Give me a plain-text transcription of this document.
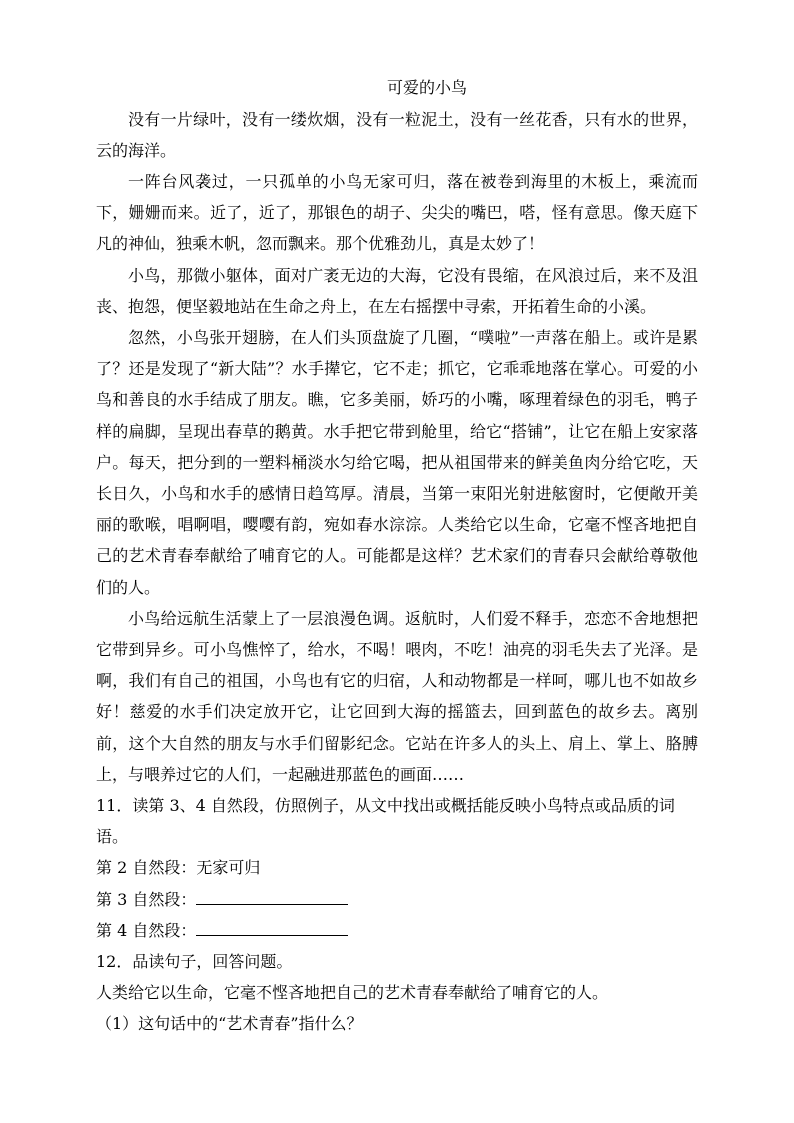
可爱的小鸟

没有一片绿叶，没有一缕炊烟，没有一粒泥土，没有一丝花香，只有水的世界，云的海洋。

一阵台风袭过，一只孤单的小鸟无家可归，落在被卷到海里的木板上，乘流而下，姗姗而来。近了，近了，那银色的胡子、尖尖的嘴巴，嗒，怪有意思。像天庭下凡的神仙，独乘木帆，忽而飘来。那个优雅劲儿，真是太妙了！

小鸟，那微小躯体，面对广袤无边的大海，它没有畏缩，在风浪过后，来不及沮丧、抱怨，便坚毅地站在生命之舟上，在左右摇摆中寻索，开拓着生命的小溪。

忽然，小鸟张开翅膀，在人们头顶盘旋了几圈，“噗啦”一声落在船上。或许是累了？还是发现了“新大陆”？水手撵它，它不走；抓它，它乖乖地落在掌心。可爱的小鸟和善良的水手结成了朋友。瞧，它多美丽，娇巧的小嘴，啄理着绿色的羽毛，鸭子样的扁脚，呈现出春草的鹅黄。水手把它带到舱里，给它“搭铺”，让它在船上安家落户。每天，把分到的一塑料桶淡水匀给它喝，把从祖国带来的鲜美鱼肉分给它吃，天长日久，小鸟和水手的感情日趋笃厚。清晨，当第一束阳光射进舷窗时，它便敞开美丽的歌喉，唱啊唱，嘤嘤有韵，宛如春水淙淙。人类给它以生命，它毫不悭吝地把自己的艺术青春奉献给了哺育它的人。可能都是这样？艺术家们的青春只会献给尊敬他们的人。

小鸟给远航生活蒙上了一层浪漫色调。返航时，人们爱不释手，恋恋不舍地想把它带到异乡。可小鸟憔悴了，给水，不喝！喂肉，不吃！油亮的羽毛失去了光泽。是啊，我们有自己的祖国，小鸟也有它的归宿，人和动物都是一样呵，哪儿也不如故乡好！慈爱的水手们决定放开它，让它回到大海的摇篮去，回到蓝色的故乡去。离别前，这个大自然的朋友与水手们留影纪念。它站在许多人的头上、肩上、掌上、胳膊上，与喂养过它的人们，一起融进那蓝色的画面……

11．读第 3、4 自然段，仿照例子，从文中找出或概括能反映小鸟特点或品质的词

语。

第 2 自然段：无家可归

第 3 自然段：

第 4 自然段：

12．品读句子，回答问题。

人类给它以生命，它毫不悭吝地把自己的艺术青春奉献给了哺育它的人。

（1）这句话中的“艺术青春”指什么？
